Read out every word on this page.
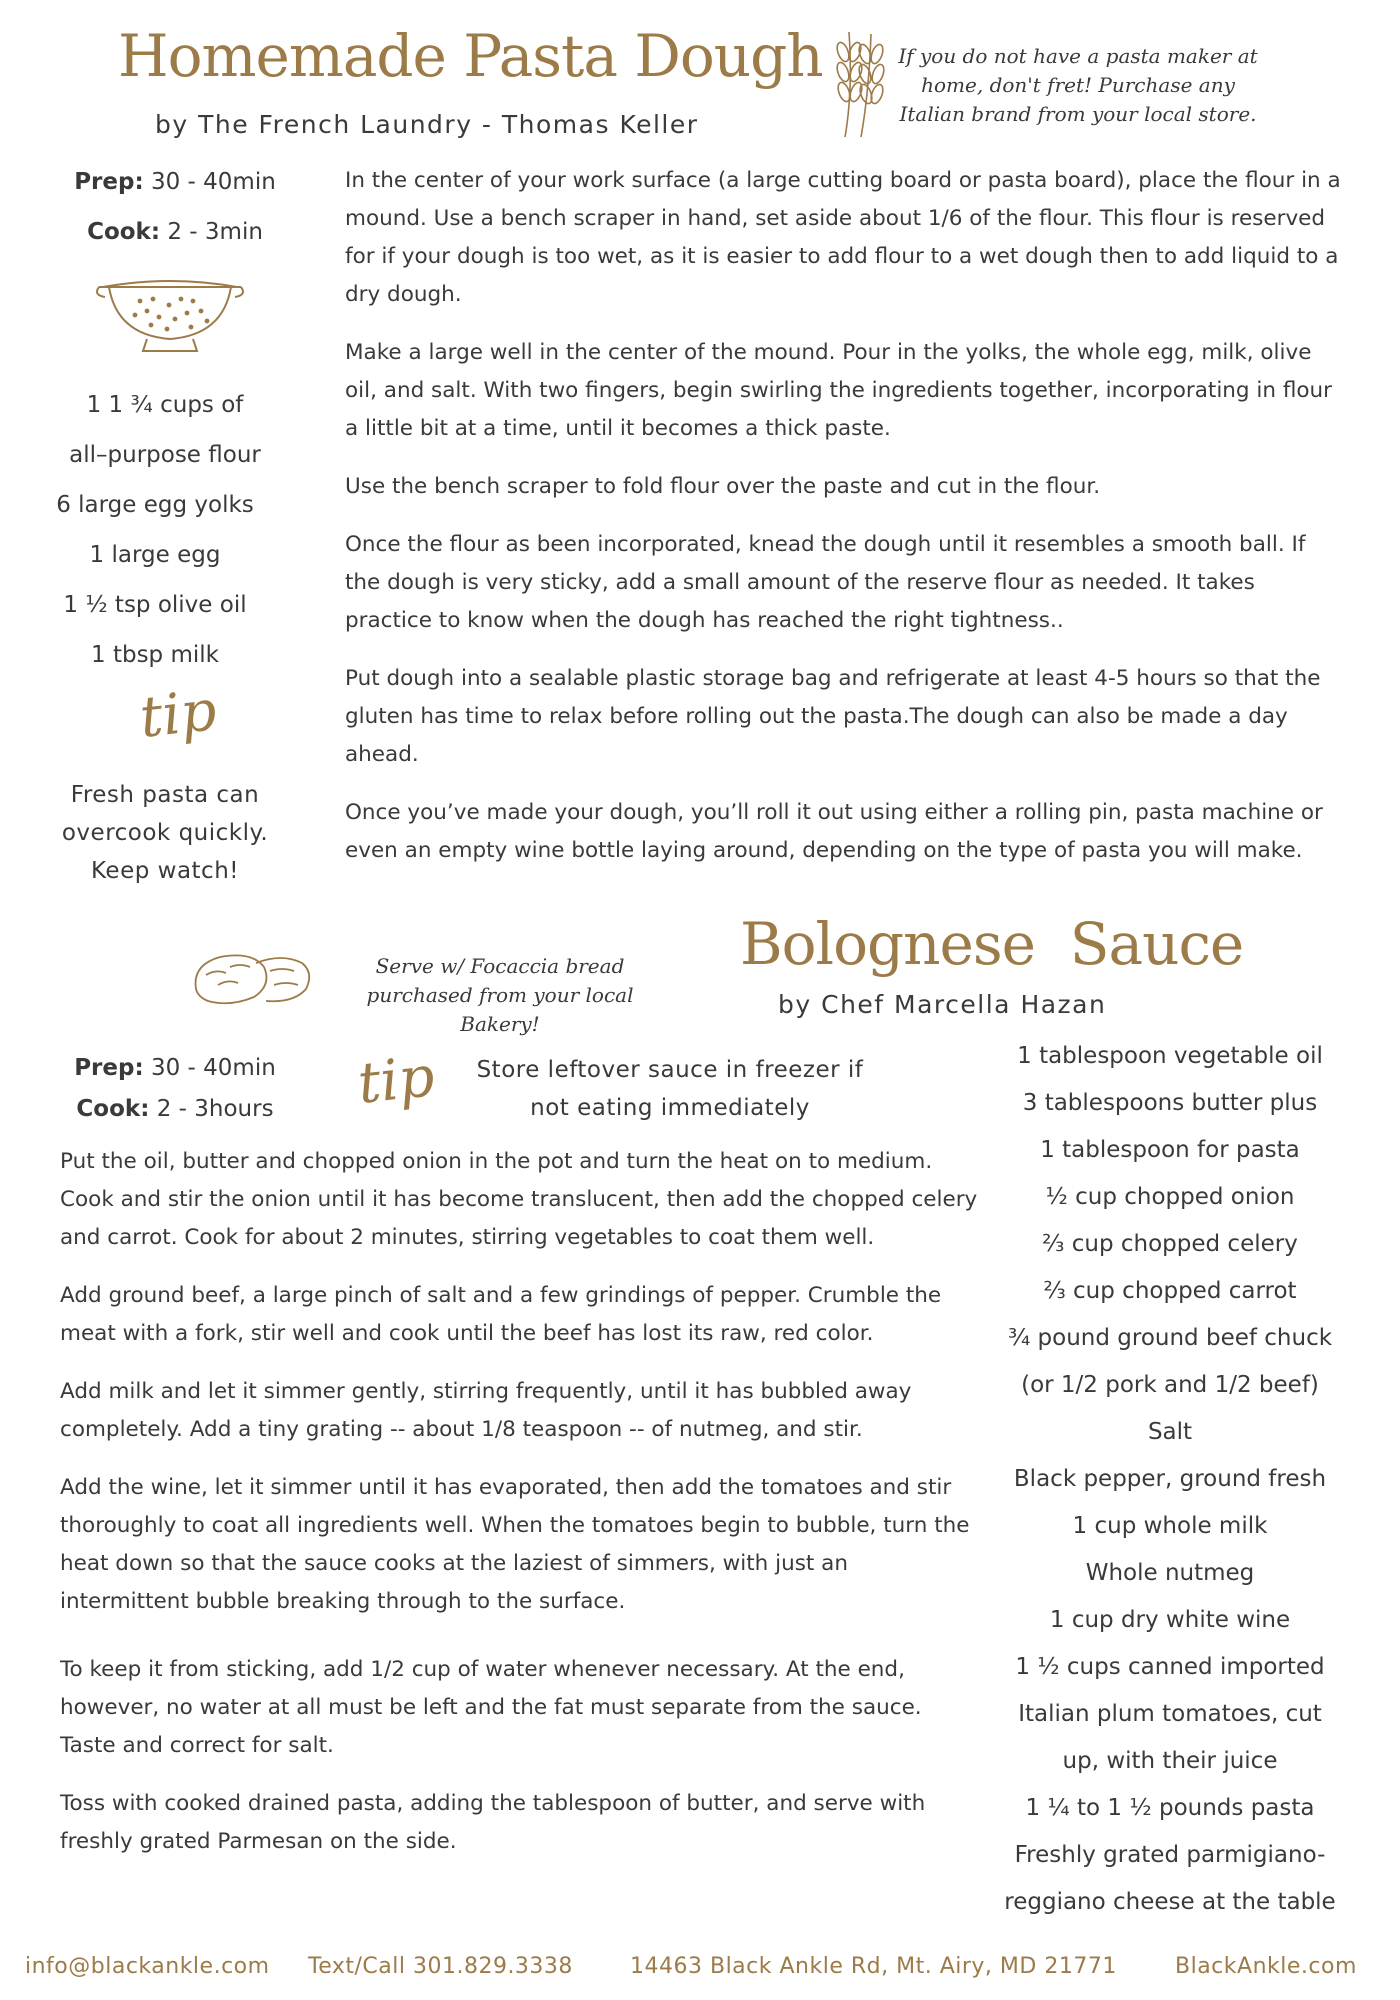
Homemade Pasta Dough
by The French Laundry - Thomas Keller
If you do not have a pasta maker at home, don't fret! Purchase any Italian brand from your local store.
Prep: 30 - 40min
Cook: 2 - 3min
1 1 ¾ cups of
all–purpose flour
6 large egg yolks
1 large egg
1 ½ tsp olive oil
1 tbsp milk
tip
Fresh pasta can overcook quickly. Keep watch!

In the center of your work surface (a large cutting board or pasta board), place the flour in a mound. Use a bench scraper in hand, set aside about 1/6 of the flour. This flour is reserved for if your dough is too wet, as it is easier to add flour to a wet dough then to add liquid to a dry dough.

Make a large well in the center of the mound. Pour in the yolks, the whole egg, milk, olive oil, and salt. With two fingers, begin swirling the ingredients together, incorporating in flour a little bit at a time, until it becomes a thick paste.

Use the bench scraper to fold flour over the paste and cut in the flour.

Once the flour as been incorporated, knead the dough until it resembles a smooth ball. If the dough is very sticky, add a small amount of the reserve flour as needed. It takes practice to know when the dough has reached the right tightness..

Put dough into a sealable plastic storage bag and refrigerate at least 4-5 hours so that the gluten has time to relax before rolling out the pasta.The dough can also be made a day ahead.

Once you’ve made your dough, you’ll roll it out using either a rolling pin, pasta machine or even an empty wine bottle laying around, depending on the type of pasta you will make.

Serve w/ Focaccia bread purchased from your local Bakery!
Bolognese  Sauce
by Chef Marcella Hazan
Prep: 30 - 40min
Cook: 2 - 3hours	tip Store leftover sauce in freezer if not eating immediately

Put the oil, butter and chopped onion in the pot and turn the heat on to medium. Cook and stir the onion until it has become translucent, then add the chopped celery and carrot. Cook for about 2 minutes, stirring vegetables to coat them well.

Add ground beef, a large pinch of salt and a few grindings of pepper. Crumble the meat with a fork, stir well and cook until the beef has lost its raw, red color.

Add milk and let it simmer gently, stirring frequently, until it has bubbled away completely. Add a tiny grating -- about 1/8 teaspoon -- of nutmeg, and stir.

Add the wine, let it simmer until it has evaporated, then add the tomatoes and stir thoroughly to coat all ingredients well. When the tomatoes begin to bubble, turn the heat down so that the sauce cooks at the laziest of simmers, with just an intermittent bubble breaking through to the surface.

To keep it from sticking, add 1/2 cup of water whenever necessary. At the end, however, no water at all must be left and the fat must separate from the sauce. Taste and correct for salt.

Toss with cooked drained pasta, adding the tablespoon of butter, and serve with freshly grated Parmesan on the side.

1 tablespoon vegetable oil
3 tablespoons butter plus
1 tablespoon for pasta
½ cup chopped onion
⅔ cup chopped celery
⅔ cup chopped carrot
¾ pound ground beef chuck
(or 1/2 pork and 1/2 beef)
Salt
Black pepper, ground fresh
1 cup whole milk
Whole nutmeg
1 cup dry white wine
1 ½ cups canned imported
Italian plum tomatoes, cut
up, with their juice
1 ¼ to 1 ½ pounds pasta
Freshly grated parmigiano-
reggiano cheese at the table
info@blackankle.com Text/Call 301.829.3338	14463 Black Ankle Rd, Mt. Airy, MD 21771	BlackAnkle.com
